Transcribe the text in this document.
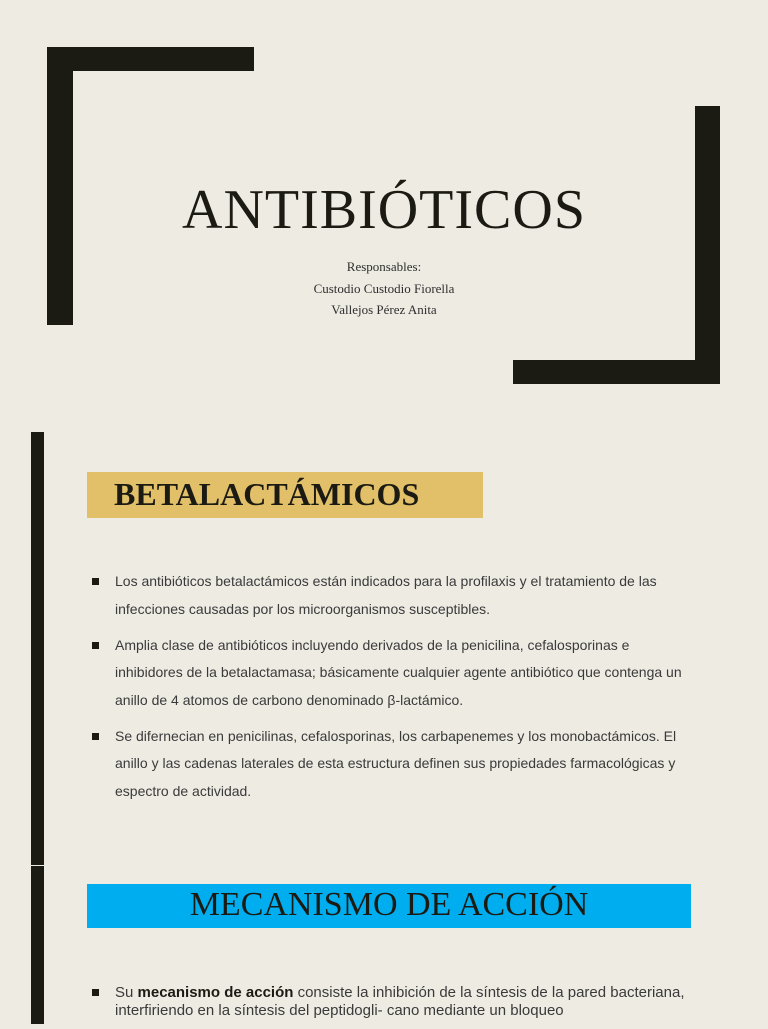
ANTIBIÓTICOS
Responsables:
Custodio Custodio Fiorella
Vallejos Pérez Anita
BETALACTÁMICOS
Los antibióticos betalactámicos están indicados para la profilaxis y el tratamiento de las infecciones causadas por los microorganismos susceptibles.
Amplia clase de antibióticos incluyendo derivados de la penicilina, cefalosporinas e inhibidores de la betalactamasa; básicamente cualquier agente antibiótico que contenga un anillo de 4 atomos de carbono denominado β-lactámico.
Se difernecian en penicilinas, cefalosporinas, los carbapenemes y los monobactámicos. El anillo y las cadenas laterales de esta estructura definen sus propiedades farmacológicas y espectro de actividad.
MECANISMO DE ACCIÓN
Su mecanismo de acción consiste la inhibición de la síntesis de la pared bacteriana, interfiriendo en la síntesis del peptidogli- cano mediante un bloqueo
